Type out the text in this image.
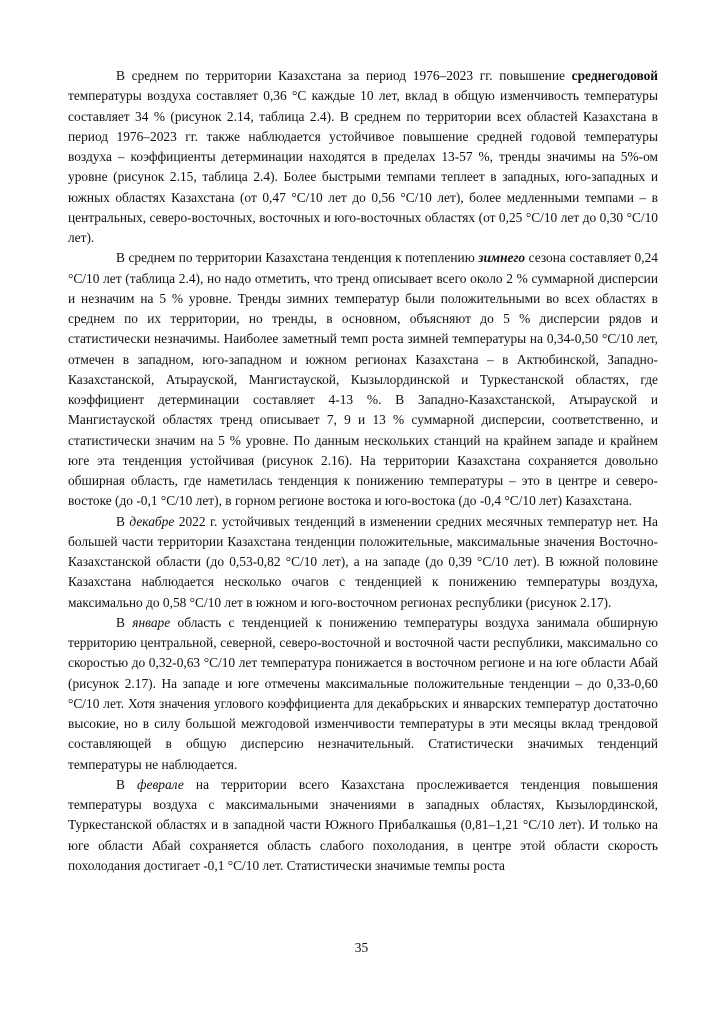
В среднем по территории Казахстана за период 1976–2023 гг. повышение среднегодовой температуры воздуха составляет 0,36 °С каждые 10 лет, вклад в общую изменчивость температуры составляет 34 % (рисунок 2.14, таблица 2.4). В среднем по территории всех областей Казахстана в период 1976–2023 гг. также наблюдается устойчивое повышение средней годовой температуры воздуха – коэффициенты детерминации находятся в пределах 13-57 %, тренды значимы на 5%-ом уровне (рисунок 2.15, таблица 2.4). Более быстрыми темпами теплеет в западных, юго-западных и южных областях Казахстана (от 0,47 °С/10 лет до 0,56 °С/10 лет), более медленными темпами – в центральных, северо-восточных, восточных и юго-восточных областях (от 0,25 °С/10 лет до 0,30 °С/10 лет).

В среднем по территории Казахстана тенденция к потеплению зимнего сезона составляет 0,24 °С/10 лет (таблица 2.4), но надо отметить, что тренд описывает всего около 2 % суммарной дисперсии и незначим на 5 % уровне. Тренды зимних температур были положительными во всех областях в среднем по их территории, но тренды, в основном, объясняют до 5 % дисперсии рядов и статистически незначимы. Наиболее заметный темп роста зимней температуры на 0,34-0,50 °С/10 лет, отмечен в западном, юго-западном и южном регионах Казахстана – в Актюбинской, Западно-Казахстанской, Атырауской, Мангистауской, Кызылординской и Туркестанской областях, где коэффициент детерминации составляет 4-13 %. В Западно-Казахстанской, Атырауской и Мангистауской областях тренд описывает 7, 9 и 13 % суммарной дисперсии, соответственно, и статистически значим на 5 % уровне. По данным нескольких станций на крайнем западе и крайнем юге эта тенденция устойчивая (рисунок 2.16). На территории Казахстана сохраняется довольно обширная область, где наметилась тенденция к понижению температуры – это в центре и северо-востоке (до -0,1 °С/10 лет), в горном регионе востока и юго-востока (до -0,4 °С/10 лет) Казахстана.

В декабре 2022 г. устойчивых тенденций в изменении средних месячных температур нет. На большей части территории Казахстана тенденции положительные, максимальные значения Восточно-Казахстанской области (до 0,53-0,82 °С/10 лет), а на западе (до 0,39 °С/10 лет). В южной половине Казахстана наблюдается несколько очагов с тенденцией к понижению температуры воздуха, максимально до 0,58 °С/10 лет в южном и юго-восточном регионах республики (рисунок 2.17).

В январе область с тенденцией к понижению температуры воздуха занимала обширную территорию центральной, северной, северо-восточной и восточной части республики, максимально со скоростью до 0,32-0,63 °С/10 лет температура понижается в восточном регионе и на юге области Абай (рисунок 2.17). На западе и юге отмечены максимальные положительные тенденции – до 0,33-0,60 °С/10 лет. Хотя значения углового коэффициента для декабрьских и январских температур достаточно высокие, но в силу большой межгодовой изменчивости температуры в эти месяцы вклад трендовой составляющей в общую дисперсию незначительный. Статистически значимых тенденций температуры не наблюдается.

В феврале на территории всего Казахстана прослеживается тенденция повышения температуры воздуха с максимальными значениями в западных областях, Кызылординской, Туркестанской областях и в западной части Южного Прибалкашья (0,81–1,21 °С/10 лет). И только на юге области Абай сохраняется область слабого похолодания, в центре этой области скорость похолодания достигает -0,1 °С/10 лет. Статистически значимые темпы роста

35
